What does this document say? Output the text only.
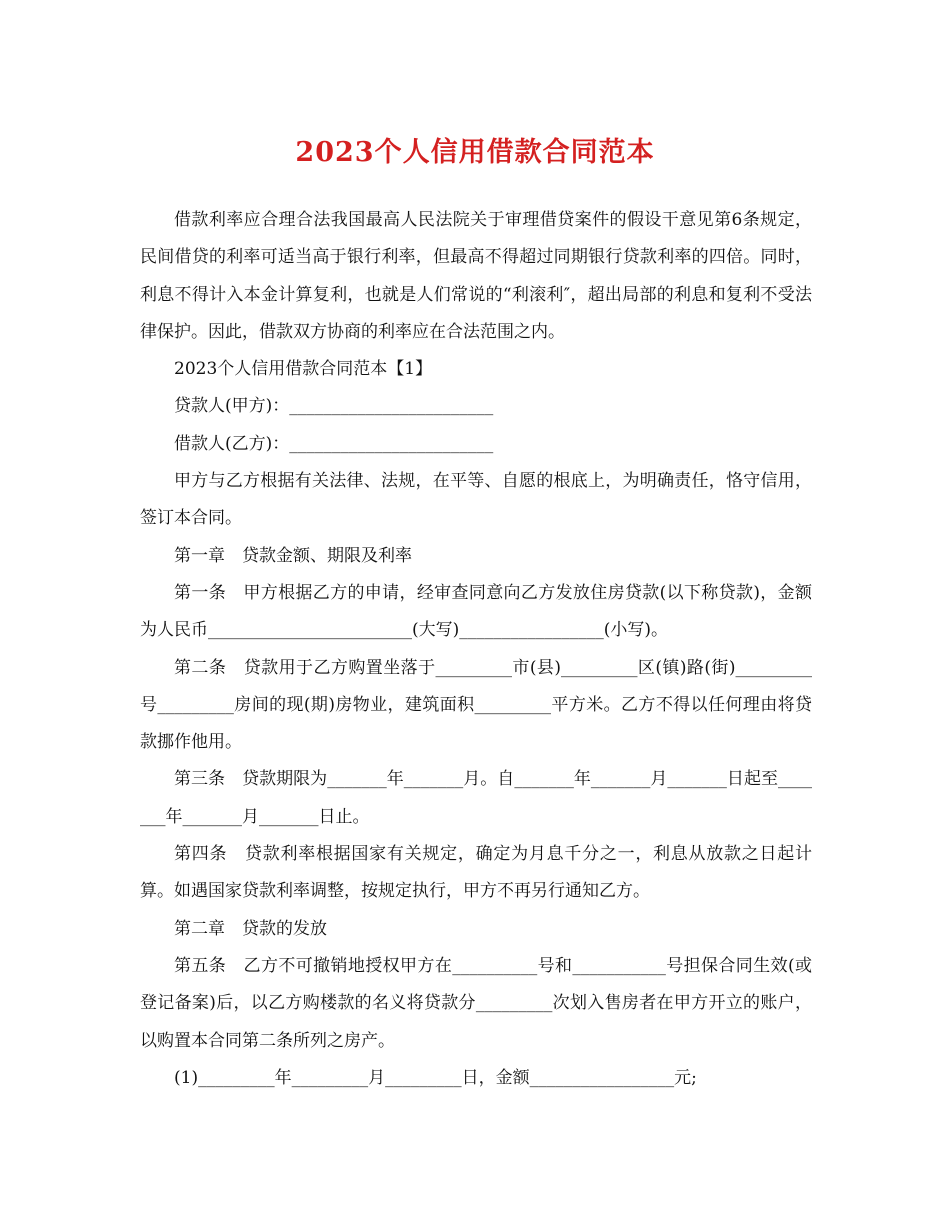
2023个人信用借款合同范本

借款利率应合理合法我国最高人民法院关于审理借贷案件的假设干意见第6条规定，民间借贷的利率可适当高于银行利率，但最高不得超过同期银行贷款利率的四倍。同时，利息不得计入本金计算复利，也就是人们常说的“利滚利″，超出局部的利息和复利不受法律保护。因此，借款双方协商的利率应在合法范围之内。

2023个人信用借款合同范本【1】

贷款人(甲方)：________________________

借款人(乙方)：________________________

甲方与乙方根据有关法律、法规，在平等、自愿的根底上，为明确责任，恪守信用，签订本合同。

第一章　贷款金额、期限及利率

第一条　甲方根据乙方的申请，经审查同意向乙方发放住房贷款(以下称贷款)，金额为人民币________________________(大写)_________________(小写)。

第二条　贷款用于乙方购置坐落于_________市(县)_________区(镇)路(街)_________号_________房间的现(期)房物业，建筑面积_________平方米。乙方不得以任何理由将贷款挪作他用。

第三条　贷款期限为_______年_______月。自_______年_______月_______日起至_______年_______月_______日止。

第四条　贷款利率根据国家有关规定，确定为月息千分之一，利息从放款之日起计算。如遇国家贷款利率调整，按规定执行，甲方不再另行通知乙方。

第二章　贷款的发放

第五条　乙方不可撤销地授权甲方在__________号和___________号担保合同生效(或登记备案)后，以乙方购楼款的名义将贷款分_________次划入售房者在甲方开立的账户，以购置本合同第二条所列之房产。

(1)_________年_________月_________日，金额_________________元;
